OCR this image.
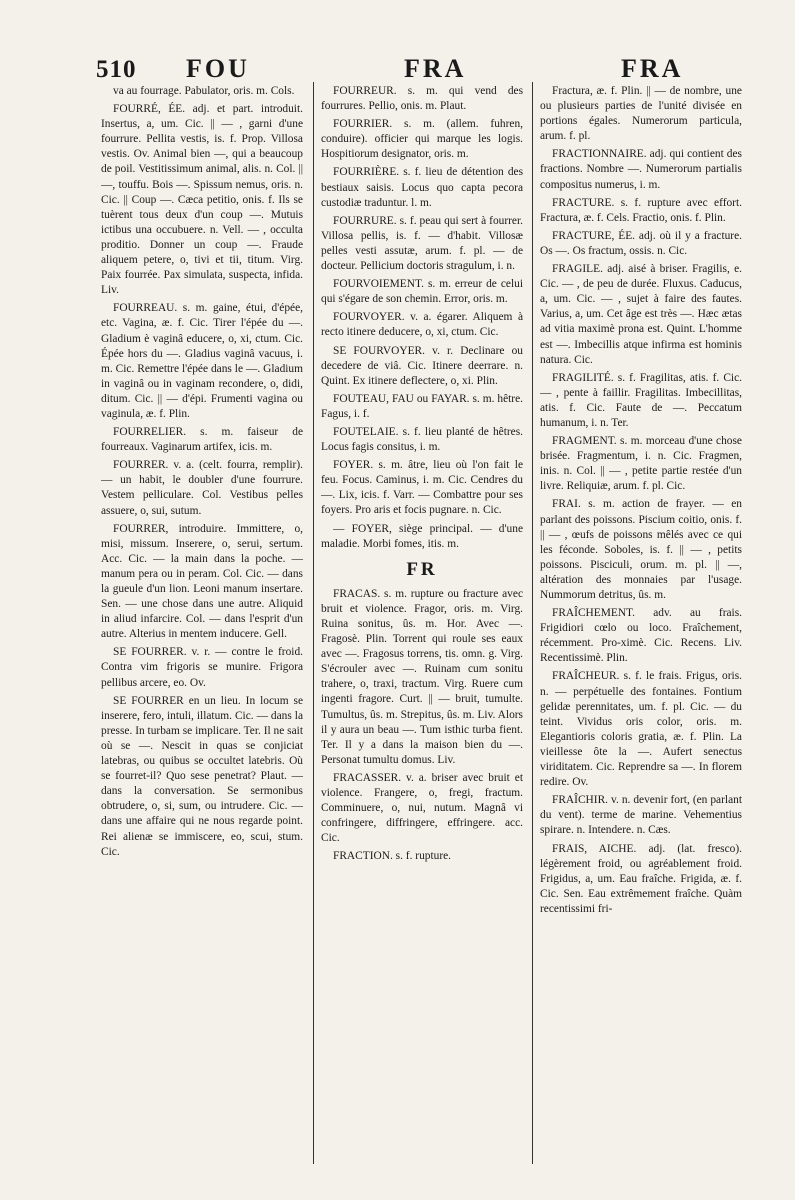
510 FOU	FRA	FRA

va au fourrage. Pabulator, oris. m. Cols.

FOURRÉ, ÉE. adj. et part. introduit. Insertus, a, um. Cic. || — , garni d'une fourrure. Pellita vestis, is. f. Prop. Villosa vestis. Ov. Animal bien —, qui a beaucoup de poil. Vestitissimum animal, alis. n. Col. || —, touffu. Bois —. Spissum nemus, oris. n. Cic. || Coup —. Cæca petitio, onis. f. Ils se tuèrent tous deux d'un coup —. Mutuis ictibus una occubuere. n. Vell. — , occulta proditio. Donner un coup —. Fraude aliquem petere, o, tivi et tii, titum. Virg. Paix fourrée. Pax simulata, suspecta, infida. Liv.

FOURREAU. s. m. gaine, étui, d'épée, etc. Vagina, æ. f. Cic. Tirer l'épée du —. Gladium è vaginâ educere, o, xi, ctum. Cic. Épée hors du —. Gladius vaginâ vacuus, i. m. Cic. Remettre l'épée dans le —. Gladium in vaginâ ou in vaginam recondere, o, didi, ditum. Cic. || — d'épi. Frumenti vagina ou vaginula, æ. f. Plin.

FOURRELIER. s. m. faiseur de fourreaux. Vaginarum artifex, icis. m.

FOURRER. v. a. (celt. fourra, remplir). — un habit, le doubler d'une fourrure. Vestem pelliculare. Col. Vestibus pelles assuere, o, sui, sutum.

FOURRER, introduire. Immittere, o, misi, missum. Inserere, o, serui, sertum. Acc. Cic. — la main dans la poche. — manum pera ou in peram. Col. Cic. — dans la gueule d'un lion. Leoni manum insertare. Sen. — une chose dans une autre. Aliquid in aliud infarcire. Col. — dans l'esprit d'un autre. Alterius in mentem inducere. Gell.

SE FOURRER. v. r. — contre le froid. Contra vim frigoris se munire. Frigora pellibus arcere, eo. Ov.

SE FOURRER en un lieu. In locum se inserere, fero, intuli, illatum. Cic. — dans la presse. In turbam se implicare. Ter. Il ne sait où se —. Nescit in quas se conjiciat latebras, ou quibus se occultet latebris. Où se fourret-il? Quo sese penetrat? Plaut. — dans la conversation. Se sermonibus obtrudere, o, si, sum, ou intrudere. Cic. — dans une affaire qui ne nous regarde point. Rei alienæ se immiscere, eo, scui, stum. Cic.

FOURREUR. s. m. qui vend des fourrures. Pellio, onis. m. Plaut.

FOURRIER. s. m. (allem. fuhren, conduire). officier qui marque les logis. Hospitiorum designator, oris. m.

FOURRIÈRE. s. f. lieu de détention des bestiaux saisis. Locus quo capta pecora custodiæ traduntur. l. m.

FOURRURE. s. f. peau qui sert à fourrer. Villosa pellis, is. f. — d'habit. Villosæ pelles vesti assutæ, arum. f. pl. — de docteur. Pellicium doctoris stragulum, i. n.

FOURVOIEMENT. s. m. erreur de celui qui s'égare de son chemin. Error, oris. m.

FOURVOYER. v. a. égarer. Aliquem à recto itinere deducere, o, xi, ctum. Cic.

SE FOURVOYER. v. r. Declinare ou decedere de viâ. Cic. Itinere deerrare. n. Quint. Ex itinere deflectere, o, xi. Plin.

FOUTEAU, FAU ou FAYAR. s. m. hêtre. Fagus, i. f.

FOUTELAIE. s. f. lieu planté de hêtres. Locus fagis consitus, i. m.

FOYER. s. m. âtre, lieu où l'on fait le feu. Focus. Caminus, i. m. Cic. Cendres du —. Lix, icis. f. Varr. — Combattre pour ses foyers. Pro aris et focis pugnare. n. Cic.

— FOYER, siège principal. — d'une maladie. Morbi fomes, itis. m.

FR

FRACAS. s. m. rupture ou fracture avec bruit et violence. Fragor, oris. m. Virg. Ruina sonitus, ûs. m. Hor. Avec —. Fragosè. Plin. Torrent qui roule ses eaux avec —. Fragosus torrens, tis. omn. g. Virg. S'écrouler avec —. Ruinam cum sonitu trahere, o, traxi, tractum. Virg. Ruere cum ingenti fragore. Curt. || — bruit, tumulte. Tumultus, ûs. m. Strepitus, ûs. m. Liv. Alors il y aura un beau —. Tum isthic turba fient. Ter. Il y a dans la maison bien du —. Personat tumultu domus. Liv.

FRACASSER. v. a. briser avec bruit et violence. Frangere, o, fregi, fractum. Comminuere, o, nui, nutum. Magnâ vi confringere, diffringere, effringere. acc. Cic.

FRACTION. s. f. rupture.

Fractura, æ. f. Plin. || — de nombre, une ou plusieurs parties de l'unité divisée en portions égales. Numerorum particula, arum. f. pl.

FRACTIONNAIRE. adj. qui contient des fractions. Nombre —. Numerorum partialis compositus numerus, i. m.

FRACTURE. s. f. rupture avec effort. Fractura, æ. f. Cels. Fractio, onis. f. Plin.

FRACTURE, ÉE. adj. où il y a fracture. Os —. Os fractum, ossis. n. Cic.

FRAGILE. adj. aisé à briser. Fragilis, e. Cic. — , de peu de durée. Fluxus. Caducus, a, um. Cic. — , sujet à faire des fautes. Varius, a, um. Cet âge est très —. Hæc ætas ad vitia maximè prona est. Quint. L'homme est —. Imbecillis atque infirma est hominis natura. Cic.

FRAGILITÉ. s. f. Fragilitas, atis. f. Cic. — , pente à faillir. Fragilitas. Imbecillitas, atis. f. Cic. Faute de —. Peccatum humanum, i. n. Ter.

FRAGMENT. s. m. morceau d'une chose brisée. Fragmentum, i. n. Cic. Fragmen, inis. n. Col. || — , petite partie restée d'un livre. Reliquiæ, arum. f. pl. Cic.

FRAI. s. m. action de frayer. — en parlant des poissons. Piscium coitio, onis. f. || — , œufs de poissons mêlés avec ce qui les féconde. Soboles, is. f. || — , petits poissons. Pisciculi, orum. m. pl. || —, altération des monnaies par l'usage. Nummorum detritus, ûs. m.

FRAÎCHEMENT. adv. au frais. Frigidiori cœlo ou loco. Fraîchement, récemment. Pro-ximè. Cic. Recens. Liv. Recentissimè. Plin.

FRAÎCHEUR. s. f. le frais. Frigus, oris. n. — perpétuelle des fontaines. Fontium gelidæ perennitates, um. f. pl. Cic. — du teint. Vividus oris color, oris. m. Elegantioris coloris gratia, æ. f. Plin. La vieillesse ôte la —. Aufert senectus viriditatem. Cic. Reprendre sa —. In florem redire. Ov.

FRAÎCHIR. v. n. devenir fort, (en parlant du vent). terme de marine. Vehementius spirare. n. Intendere. n. Cæs.

FRAIS, AICHE. adj. (lat. fresco). légèrement froid, ou agréablement froid. Frigidus, a, um. Eau fraîche. Frigida, æ. f. Cic. Sen. Eau extrêmement fraîche. Quàm recentissimi fri-
